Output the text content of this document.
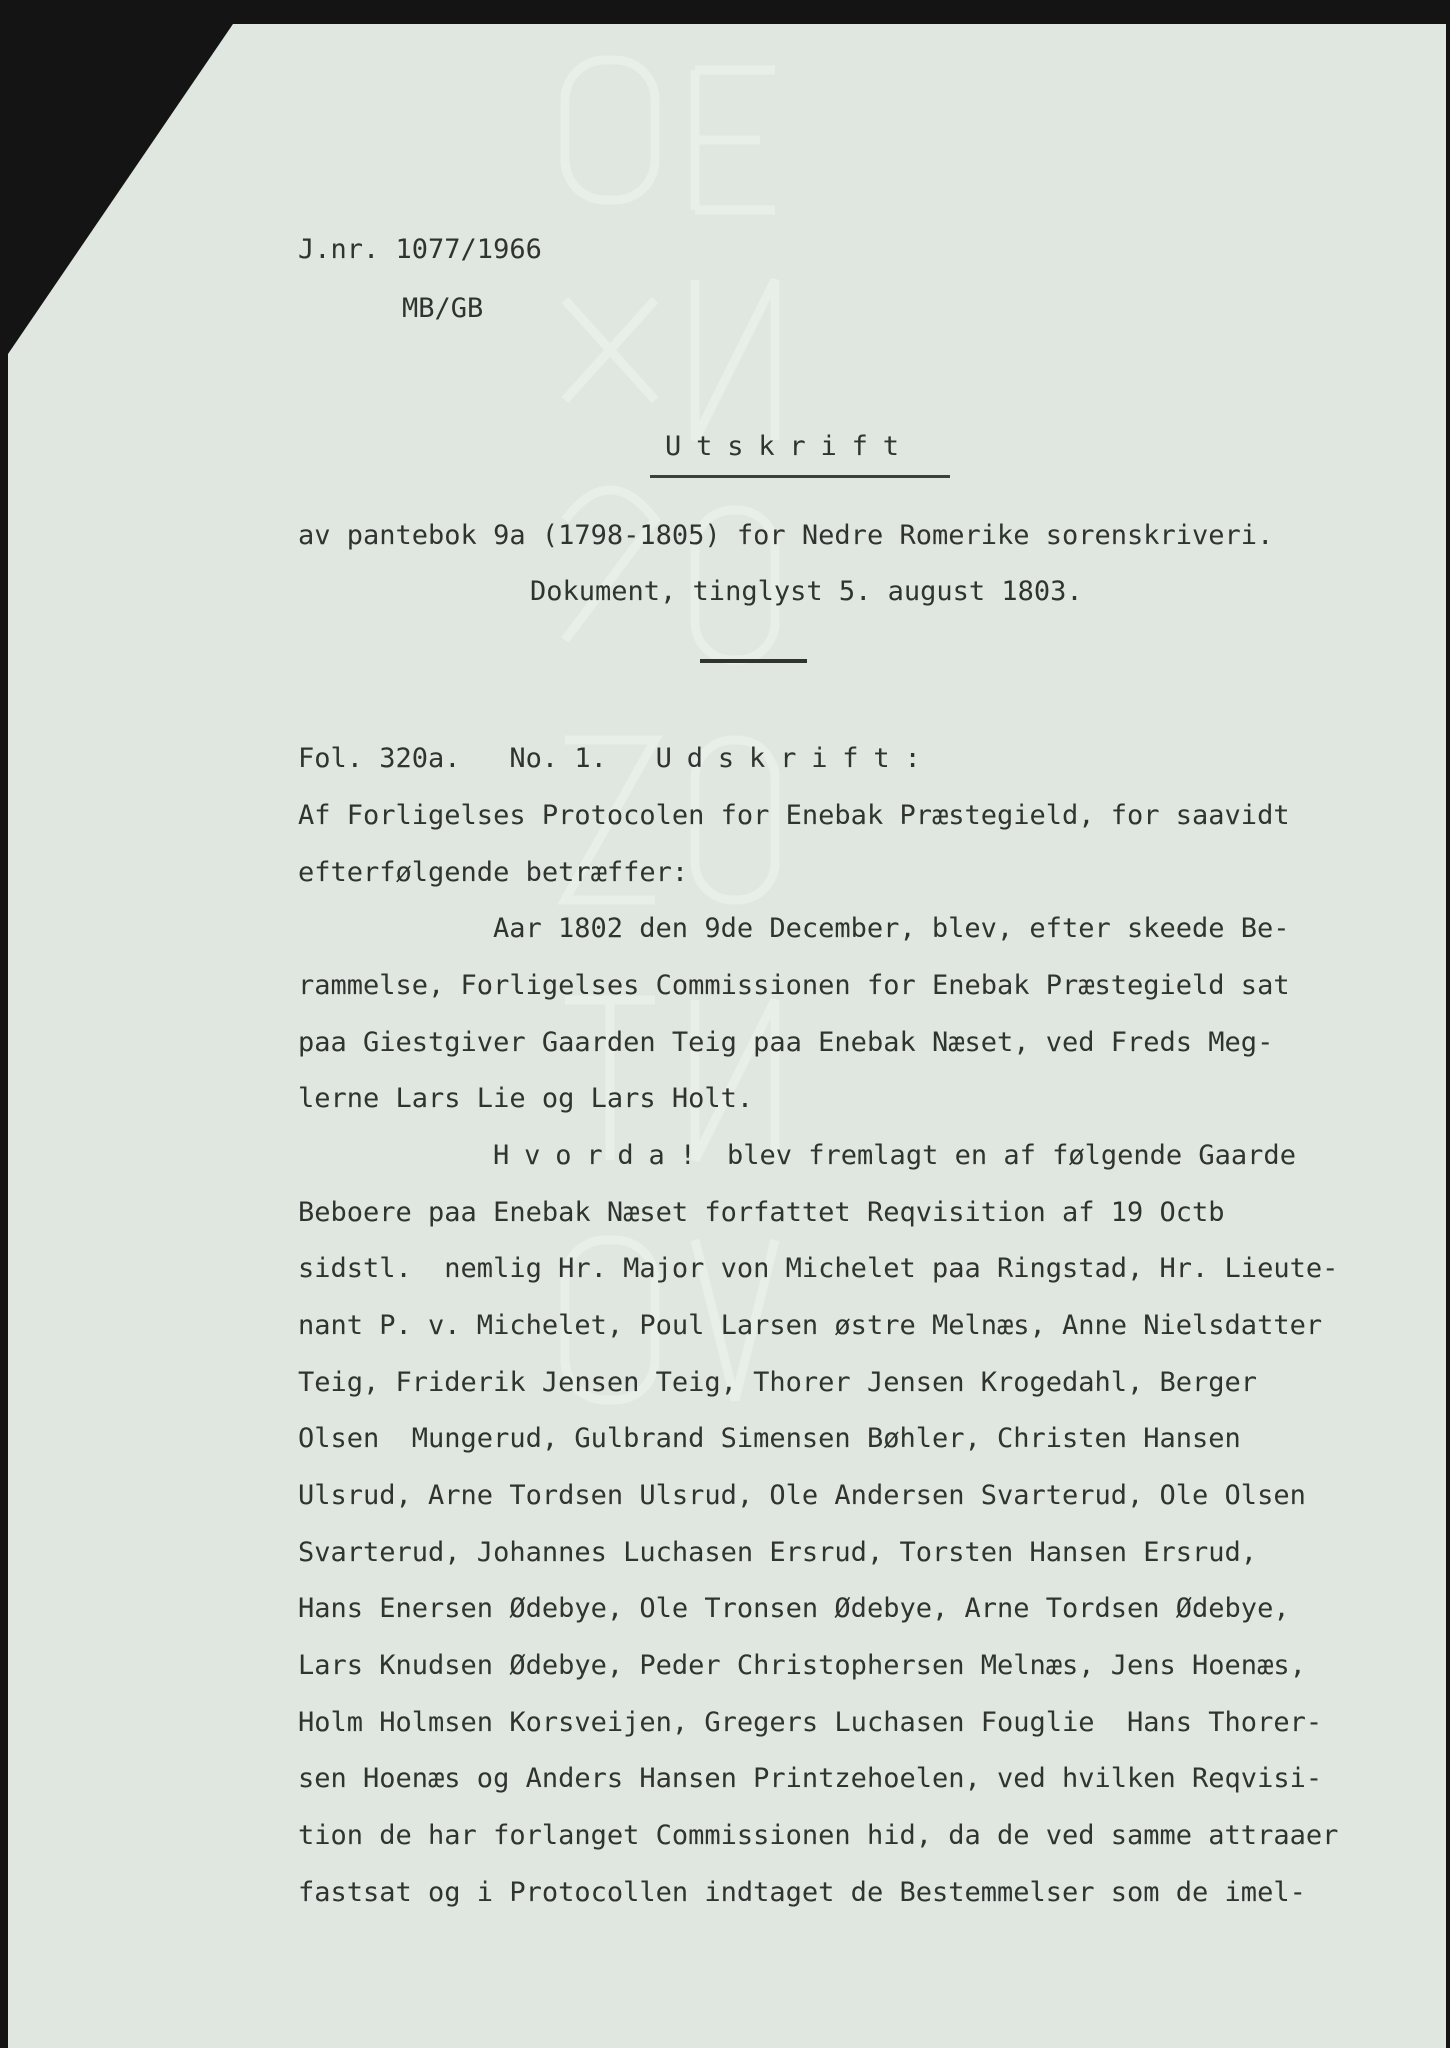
J.nr. 1077/1966
MB/GB
Utskrift
av pantebok 9a (1798-1805) for Nedre Romerike sorenskriveri.
Dokument, tinglyst 5. august 1803.
Fol. 320a. No. 1. Udskrift:
Af Forligelses Protocolen for Enebak Præstegield, for saavidt
efterfølgende betræffer:
Aar 1802 den 9de December, blev, efter skeede Be-
rammelse, Forligelses Commissionen for Enebak Præstegield sat
paa Giestgiver Gaarden Teig paa Enebak Næset, ved Freds Meg-
lerne Lars Lie og Lars Holt.
Hvorda! blev fremlagt en af følgende Gaarde
Beboere paa Enebak Næset forfattet Reqvisition af 19 Octb
sidstl.  nemlig Hr. Major von Michelet paa Ringstad, Hr. Lieute-
nant P. v. Michelet, Poul Larsen østre Melnæs, Anne Nielsdatter
Teig, Friderik Jensen Teig, Thorer Jensen Krogedahl, Berger
Olsen  Mungerud, Gulbrand Simensen Bøhler, Christen Hansen
Ulsrud, Arne Tordsen Ulsrud, Ole Andersen Svarterud, Ole Olsen
Svarterud, Johannes Luchasen Ersrud, Torsten Hansen Ersrud,
Hans Enersen Ødebye, Ole Tronsen Ødebye, Arne Tordsen Ødebye,
Lars Knudsen Ødebye, Peder Christophersen Melnæs, Jens Hoenæs,
Holm Holmsen Korsveijen, Gregers Luchasen Fouglie  Hans Thorer-
sen Hoenæs og Anders Hansen Printzehoelen, ved hvilken Reqvisi-
tion de har forlanget Commissionen hid, da de ved samme attraaer
fastsat og i Protocollen indtaget de Bestemmelser som de imel-
